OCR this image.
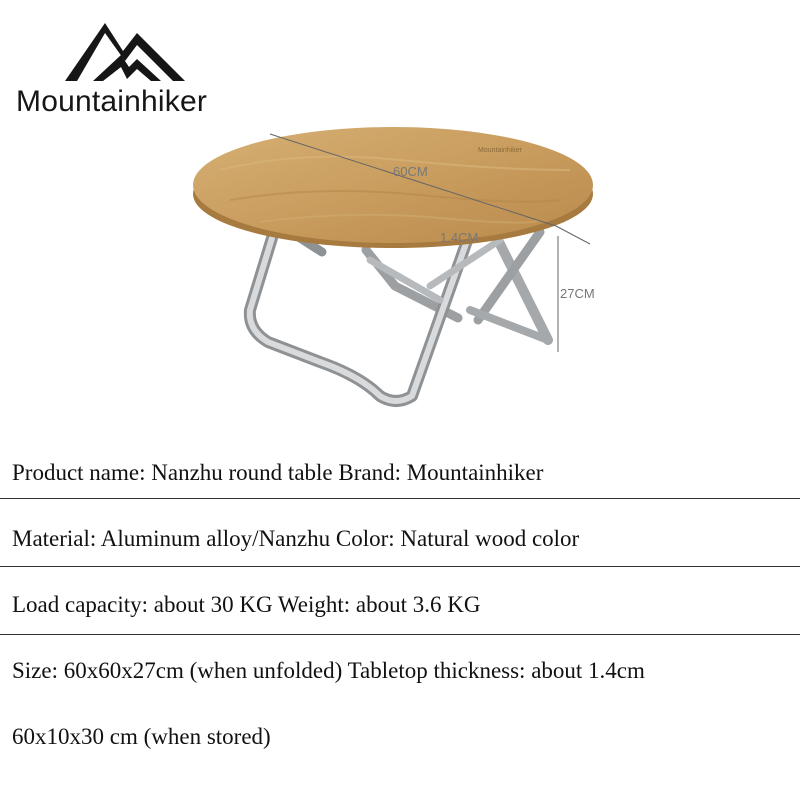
Mountainhiker
Mountainhiker
60CM
1.4CM
27CM
Product name: Nanzhu round table Brand: Mountainhiker
Material: Aluminum alloy/Nanzhu Color: Natural wood color
Load capacity: about 30 KG Weight: about 3.6 KG
Size: 60x60x27cm (when unfolded) Tabletop thickness: about 1.4cm
60x10x30 cm (when stored)
